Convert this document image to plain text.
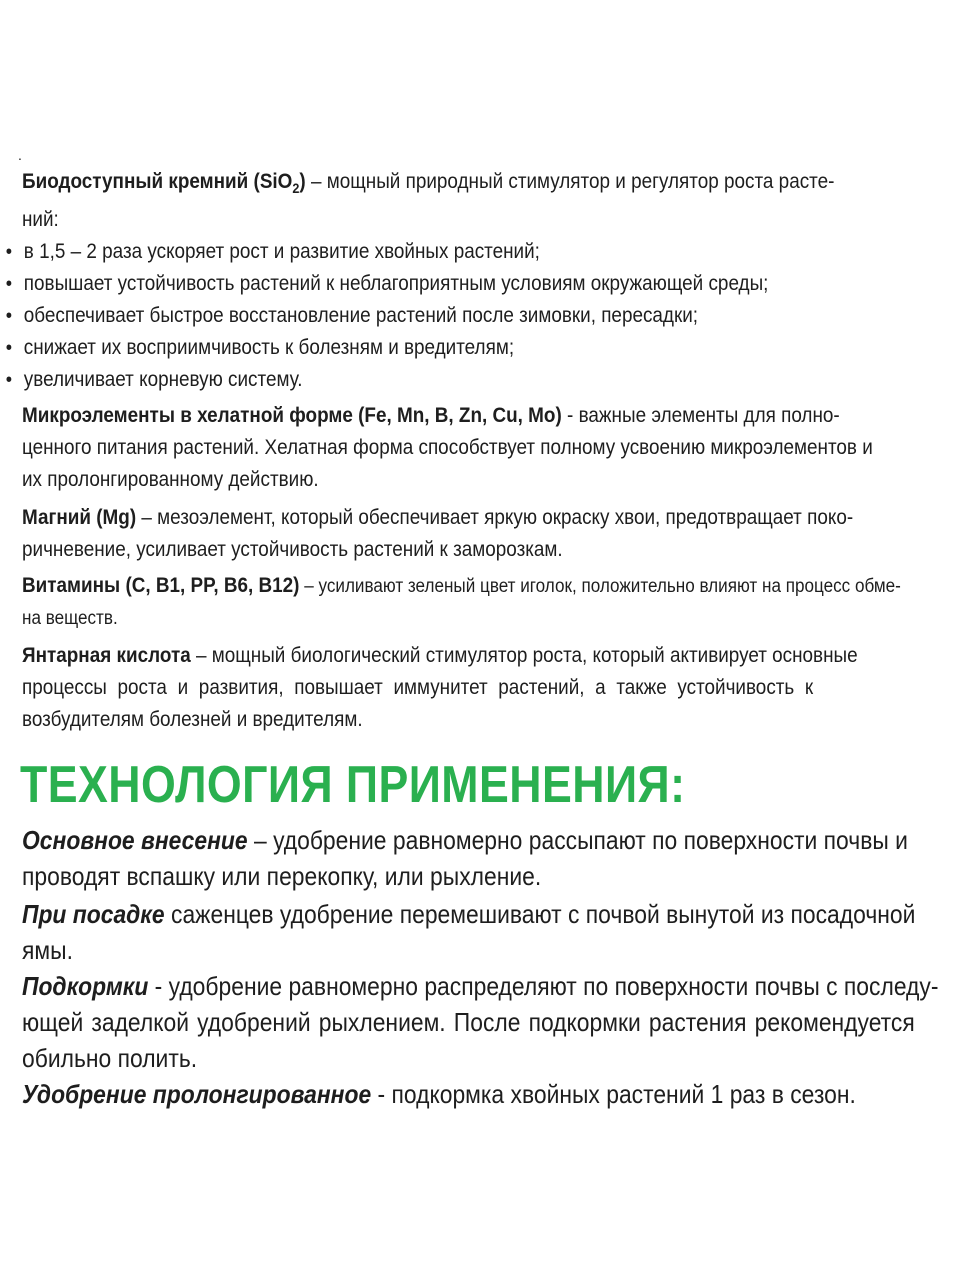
.
Биодоступный кремний (SiO$_2$) – мощный природный стимулятор и регулятор роста расте-
ний:
• в 1,5 – 2 раза ускоряет рост и развитие хвойных растений;
• повышает устойчивость растений к неблагоприятным условиям окружающей среды;
• обеспечивает быстрое восстановление растений после зимовки, пересадки;
• снижает их восприимчивость к болезням и вредителям;
• увеличивает корневую систему.
Микроэлементы в хелатной форме (Fe, Mn, B, Zn, Cu, Mo) - важные элементы для полно-
ценного питания растений. Хелатная форма способствует полному усвоению микроэлементов и
их пролонгированному действию.
Магний (Mg) – мезоэлемент, который обеспечивает яркую окраску хвои, предотвращает поко-
ричневение, усиливает устойчивость растений к заморозкам.
Витамины (C, B1, PP, B6, B12) – усиливают зеленый цвет иголок, положительно влияют на процесс обме-
на веществ.
Янтарная кислота – мощный биологический стимулятор роста, который активирует основные
процессы роста и развития, повышает иммунитет растений, а также устойчивость к
возбудителям болезней и вредителям.
ТЕХНОЛОГИЯ ПРИМЕНЕНИЯ:
Основное внесение – удобрение равномерно рассыпают по поверхности почвы и
проводят вспашку или перекопку, или рыхление.
При посадке саженцев удобрение перемешивают с почвой вынутой из посадочной
ямы.
Подкормки - удобрение равномерно распределяют по поверхности почвы с последу-
ющей заделкой удобрений рыхлением. После подкормки растения рекомендуется
обильно полить.
Удобрение пролонгированное - подкормка хвойных растений 1 раз в сезон.
